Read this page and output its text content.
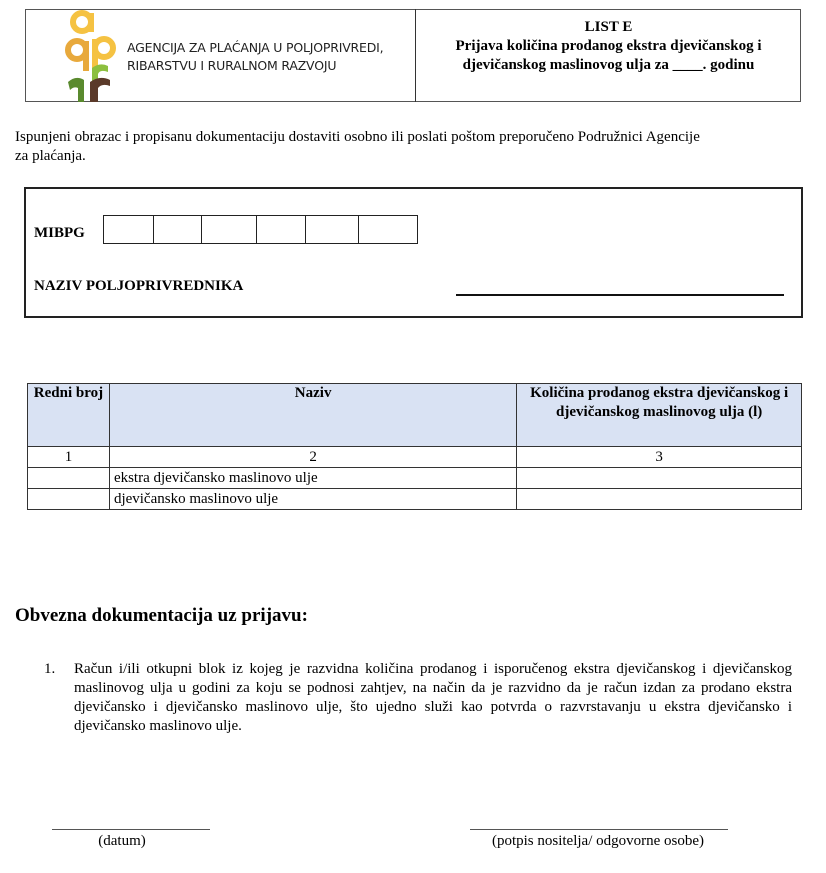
AGENCIJA ZA PLAĆANJA U POLJOPRIVREDI,
RIBARSTVU I RURALNOM RAZVOJU
LIST E
Prijava količina prodanog ekstra djevičanskog i
djevičanskog maslinovog ulja za ____. godinu
Ispunjeni obrazac i propisanu dokumentaciju dostaviti osobno ili poslati poštom preporučeno Podružnici Agencije
za plaćanja.
MIBPG
NAZIV POLJOPRIVREDNIKA
Redni broj	Naziv	Količina prodanog ekstra djevičanskog i djevičanskog maslinovog ulja (l)
1	2	3
	ekstra djevičansko maslinovo ulje	
	djevičansko maslinovo ulje	
Obvezna dokumentacija uz prijavu:
1. Račun i/ili otkupni blok iz kojeg je razvidna količina prodanog i isporučenog ekstra djevičanskog i djevičanskog maslinovog ulja u godini za koju se podnosi zahtjev, na način da je razvidno da je račun izdan za prodano ekstra djevičansko i djevičansko maslinovo ulje, što ujedno služi kao potvrda o razvrstavanju u ekstra djevičansko i djevičansko maslinovo ulje.
(datum)	(potpis nositelja/ odgovorne osobe)
